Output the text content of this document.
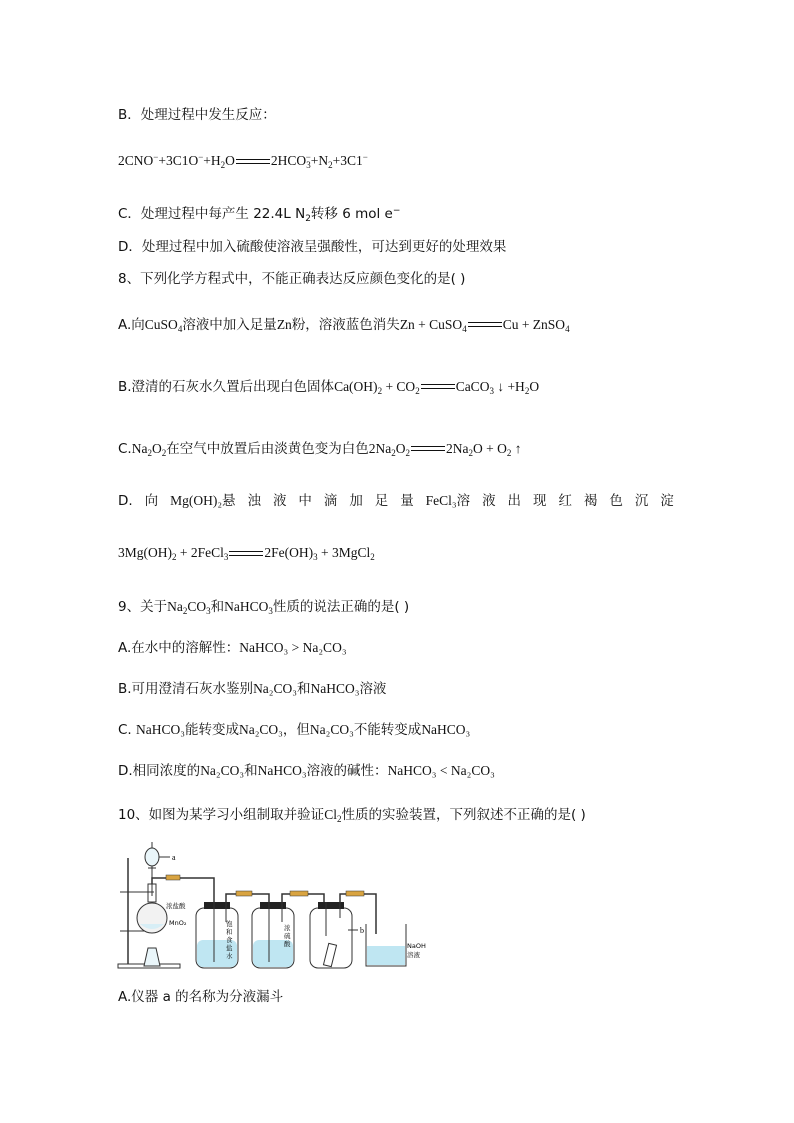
B．处理过程中发生反应：
$2CNO^-+3C1O^-+H_2O$	$2HCO_3^-+N_2+3C1^-$
C．处理过程中每产生 22.4L $N_2$转移 6 mol e−
D．处理过程中加入硫酸使溶液呈强酸性，可达到更好的处理效果
8、下列化学方程式中，不能正确表达反应颜色变化的是( )
A.向CuSO$_4$溶液中加入足量Zn粉，溶液蓝色消失Zn + CuSO$_4$	Cu + ZnSO$_4$
B.澄清的石灰水久置后出现白色固体$Ca(OH)_2 + CO_2$	CaCO$_3$ ↓ $+H_2O$
$C.Na_2O_2$在空气中放置后由淡黄色变为白色$2Na_2O_2$	$2Na_2O + O_2$ ↑
D. 向 Mg(OH)₂悬 浊 液 中 滴 加 足 量 FeCl₃溶 液 出 现 红 褐 色 沉 淀
$3Mg(OH)_2$ + 2FeCl$_3$	$2Fe(OH)_3$ + 3MgCl$_2$
9、关于$Na_2CO_3$和NaHCO$_3$性质的说法正确的是( )
A.在水中的溶解性：NaHCO₃ > Na₂CO₃
B.可用澄清石灰水鉴别Na₂CO₃和NaHCO₃溶液
C. NaHCO₃能转变成Na₂CO₃，但Na₂CO₃不能转变成NaHCO₃
D.相同浓度的Na₂CO₃和NaHCO₃溶液的碱性：NaHCO₃ < Na₂CO₃
10、如图为某学习小组制取并验证$Cl_2$性质的实验装置，下列叙述不正确的是( )
a
浓盐酸
MnO₂	饱
和
食
盐
水
浓
硫
酸
b
NaOH
溶液
A.仪器 a 的名称为分液漏斗
